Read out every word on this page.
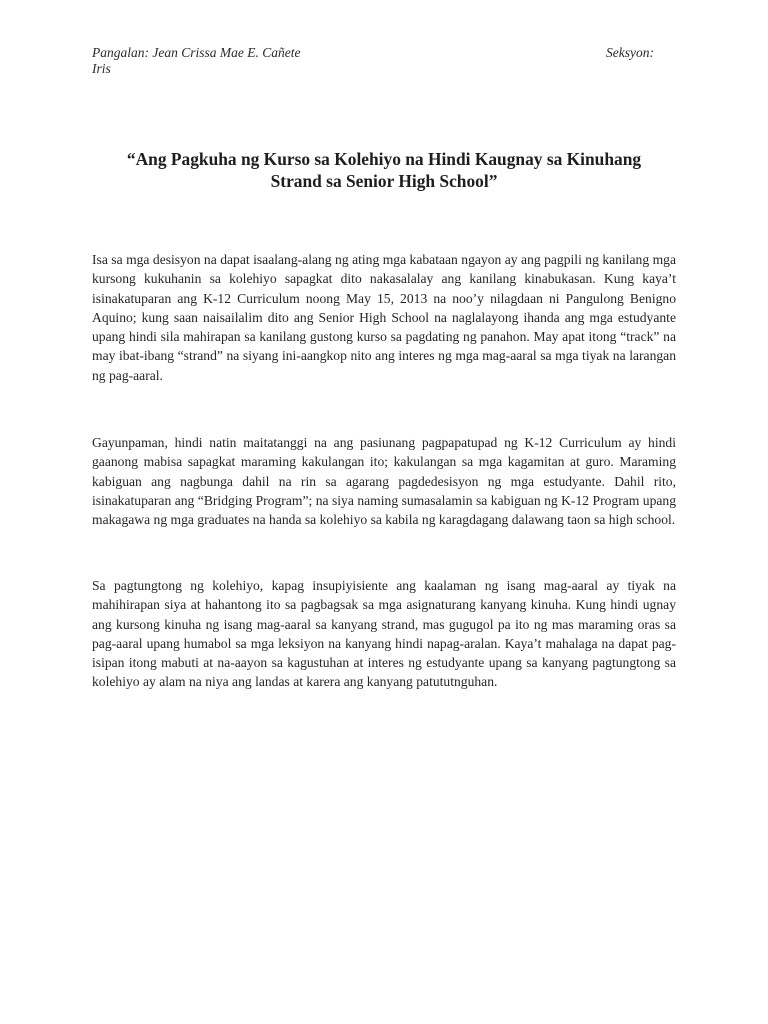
Pangalan: Jean Crissa Mae E. Cañete	Seksyon:
Iris
“Ang Pagkuha ng Kurso sa Kolehiyo na Hindi Kaugnay sa Kinuhang
Strand sa Senior High School”

Isa sa mga desisyon na dapat isaalang-alang ng ating mga kabataan ngayon ay ang pagpili ng kanilang mga kursong kukuhanin sa kolehiyo sapagkat dito nakasalalay ang kanilang kinabukasan. Kung kaya’t isinakatuparan ang K-12 Curriculum noong May 15, 2013 na noo’y nilagdaan ni Pangulong Benigno Aquino; kung saan naisailalim dito ang Senior High School na naglalayong ihanda ang mga estudyante upang hindi sila mahirapan sa kanilang gustong kurso sa pagdating ng panahon. May apat itong “track” na may ibat-ibang “strand” na siyang ini-aangkop nito ang interes ng mga mag-aaral sa mga tiyak na larangan ng pag-aaral.

Gayunpaman, hindi natin maitatanggi na ang pasiunang pagpapatupad ng K-12 Curriculum ay hindi gaanong mabisa sapagkat maraming kakulangan ito; kakulangan sa mga kagamitan at guro. Maraming kabiguan ang nagbunga dahil na rin sa agarang pagdedesisyon ng mga estudyante. Dahil rito, isinakatuparan ang “Bridging Program”; na siya naming sumasalamin sa kabiguan ng K-12 Program upang makagawa ng mga graduates na handa sa kolehiyo sa kabila ng karagdagang dalawang taon sa high school.

Sa pagtungtong ng kolehiyo, kapag insupiyisiente ang kaalaman ng isang mag-aaral ay tiyak na mahihirapan siya at hahantong ito sa pagbagsak sa mga asignaturang kanyang kinuha. Kung hindi ugnay ang kursong kinuha ng isang mag-aaral sa kanyang strand, mas gugugol pa ito ng mas maraming oras sa pag-aaral upang humabol sa mga leksiyon na kanyang hindi napag-aralan. Kaya’t mahalaga na dapat pag-isipan itong mabuti at na-aayon sa kagustuhan at interes ng estudyante upang sa kanyang pagtungtong sa kolehiyo ay alam na niya ang landas at karera ang kanyang patututnguhan.
